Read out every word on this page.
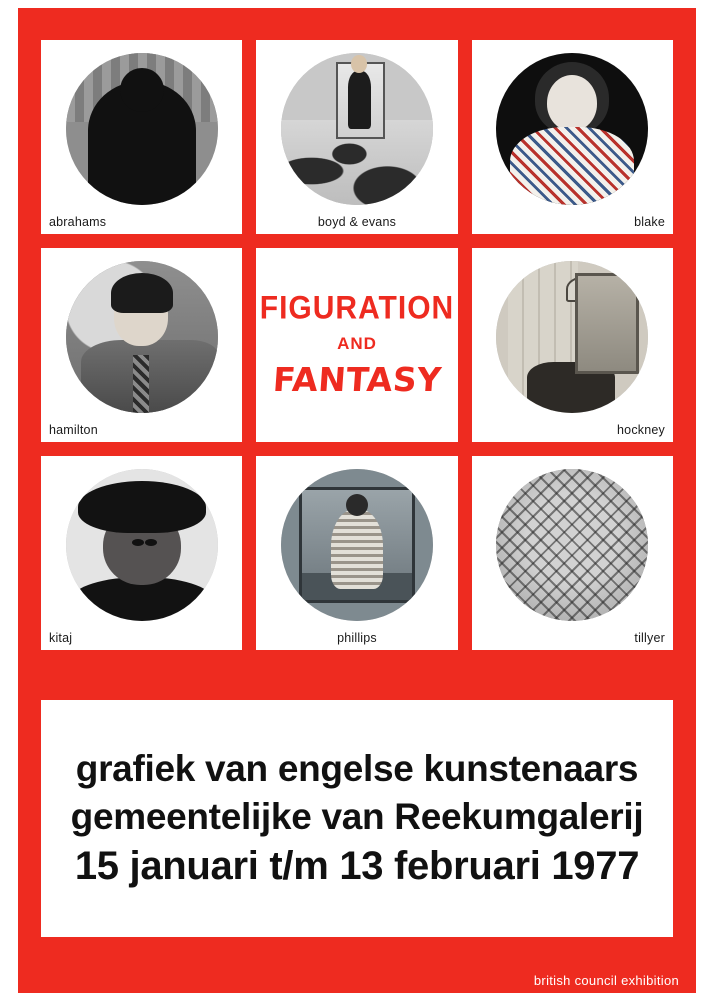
abrahams	boyd & evans	blake
hamilton
FIGURATION
AND
FANTASY
hockney
kitaj	phillips	tillyer
grafiek van engelse kunstenaars
gemeentelijke van Reekumgalerij
15 januari t/m 13 februari 1977
british council exhibition
